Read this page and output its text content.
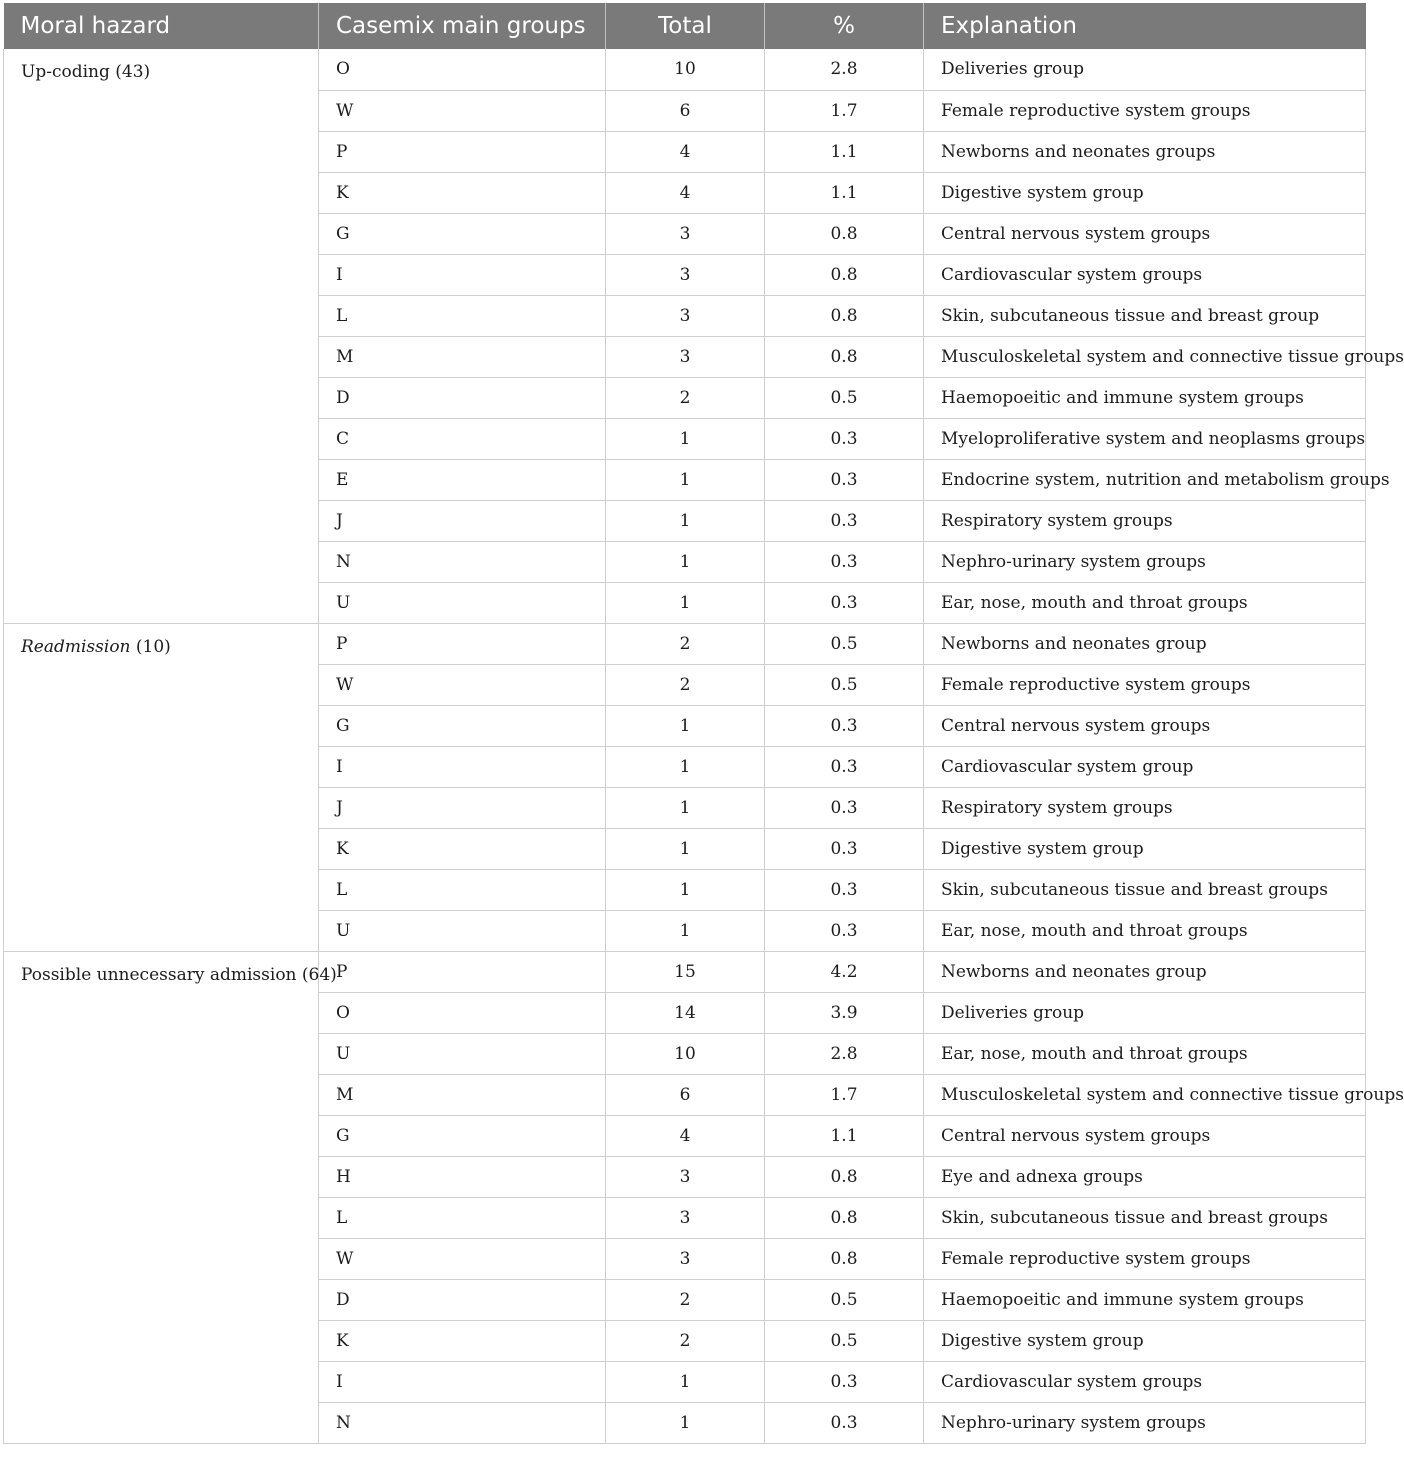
Moral hazard	Casemix main groups	Total	%	Explanation
Up-coding (43)	O	10	2.8	Deliveries group
	W	6	1.7	Female reproductive system groups
	P	4	1.1	Newborns and neonates groups
	K	4	1.1	Digestive system group
	G	3	0.8	Central nervous system groups
	I	3	0.8	Cardiovascular system groups
	L	3	0.8	Skin, subcutaneous tissue and breast group
	M	3	0.8	Musculoskeletal system and connective tissue groups
	D	2	0.5	Haemopoeitic and immune system groups
	C	1	0.3	Myeloproliferative system and neoplasms groups
	E	1	0.3	Endocrine system, nutrition and metabolism groups
	J	1	0.3	Respiratory system groups
	N	1	0.3	Nephro-urinary system groups
	U	1	0.3	Ear, nose, mouth and throat groups
Readmission (10)	P	2	0.5	Newborns and neonates group
	W	2	0.5	Female reproductive system groups
	G	1	0.3	Central nervous system groups
	I	1	0.3	Cardiovascular system group
	J	1	0.3	Respiratory system groups
	K	1	0.3	Digestive system group
	L	1	0.3	Skin, subcutaneous tissue and breast groups
	U	1	0.3	Ear, nose, mouth and throat groups
Possible unnecessary admission (64)	P	15	4.2	Newborns and neonates group
	O	14	3.9	Deliveries group
	U	10	2.8	Ear, nose, mouth and throat groups
	M	6	1.7	Musculoskeletal system and connective tissue groups
	G	4	1.1	Central nervous system groups
	H	3	0.8	Eye and adnexa groups
	L	3	0.8	Skin, subcutaneous tissue and breast groups
	W	3	0.8	Female reproductive system groups
	D	2	0.5	Haemopoeitic and immune system groups
	K	2	0.5	Digestive system group
	I	1	0.3	Cardiovascular system groups
	N	1	0.3	Nephro-urinary system groups
